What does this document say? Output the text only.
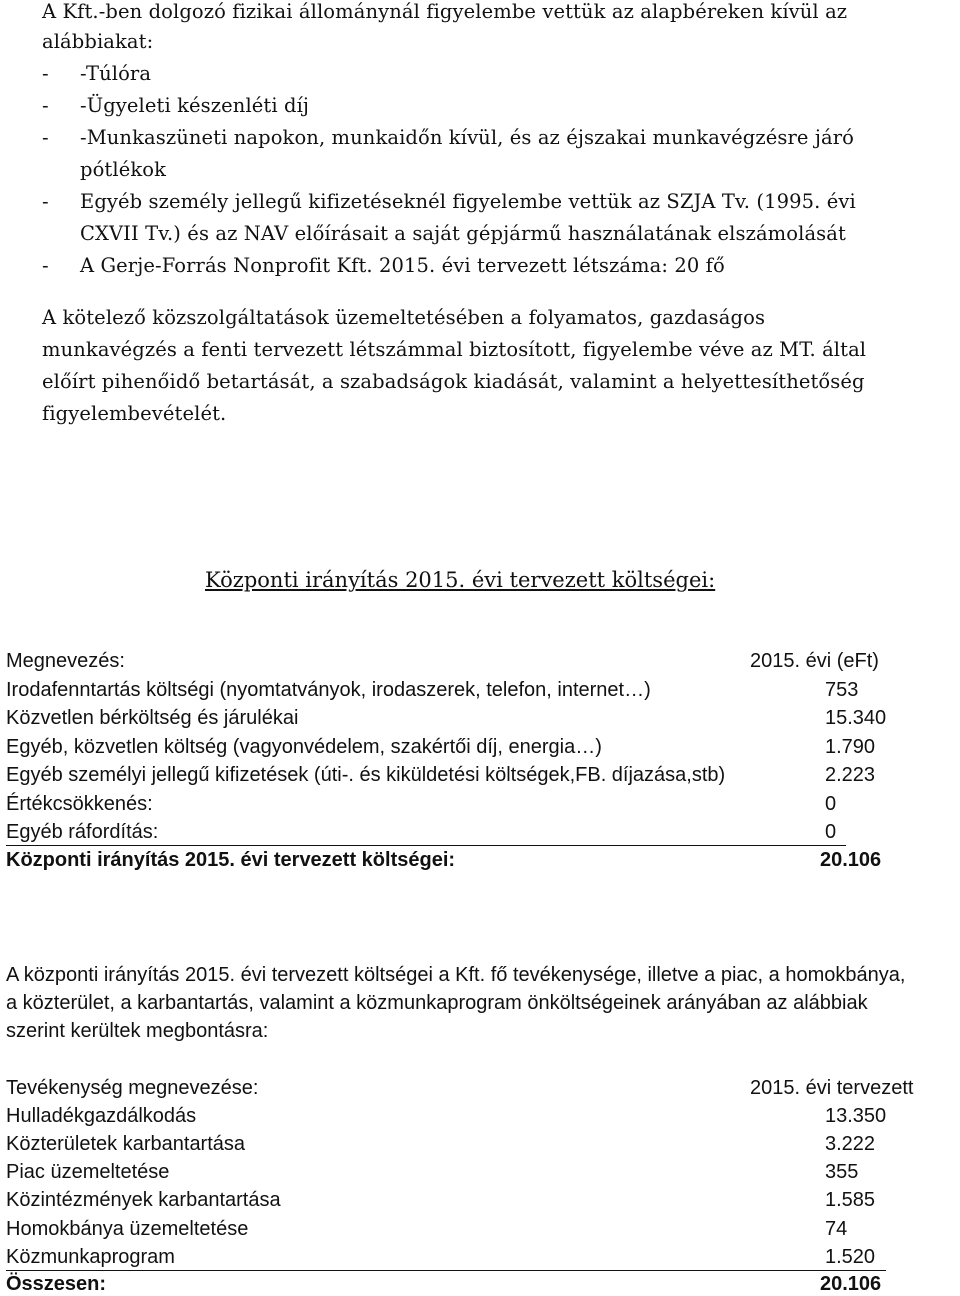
A Kft.-ben dolgozó fizikai állománynál figyelembe vettük az alapbéreken kívül az
alábbiakat:
- -Túlóra
- -Ügyeleti készenléti díj
- -Munkaszüneti napokon, munkaidőn kívül, és az éjszakai munkavégzésre járó
pótlékok
- Egyéb személy jellegű kifizetéseknél figyelembe vettük az SZJA Tv. (1995. évi
CXVII Tv.) és az NAV előírásait a saját gépjármű használatának elszámolását
- A Gerje-Forrás Nonprofit Kft. 2015. évi tervezett létszáma: 20 fő
A kötelező közszolgáltatások üzemeltetésében a folyamatos, gazdaságos
munkavégzés a fenti tervezett létszámmal biztosított, figyelembe véve az MT. által
előírt pihenőidő betartását, a szabadságok kiadását, valamint a helyettesíthetőség
figyelembevételét.
Központi irányítás 2015. évi tervezett költségei:
Megnevezés:	2015. évi (eFt)
Irodafenntartás költségi (nyomtatványok, irodaszerek, telefon, internet…)	753
Közvetlen bérköltség és járulékai	15.340
Egyéb, közvetlen költség (vagyonvédelem, szakértői díj, energia…)	1.790
Egyéb személyi jellegű kifizetések (úti-. és kiküldetési költségek,FB. díjazása,stb)	2.223
Értékcsökkenés:	0
Egyéb ráfordítás:	0
Központi irányítás 2015. évi tervezett költségei:	20.106
A központi irányítás 2015. évi tervezett költségei a Kft. fő tevékenysége, illetve a piac, a homokbánya,
a közterület, a karbantartás, valamint a közmunkaprogram önköltségeinek arányában az alábbiak
szerint kerültek megbontásra:
Tevékenység megnevezése:	2015. évi tervezett
Hulladékgazdálkodás	13.350
Közterületek karbantartása	3.222
Piac üzemeltetése	355
Közintézmények karbantartása	1.585
Homokbánya üzemeltetése	74
Közmunkaprogram	1.520
Összesen:	20.106
